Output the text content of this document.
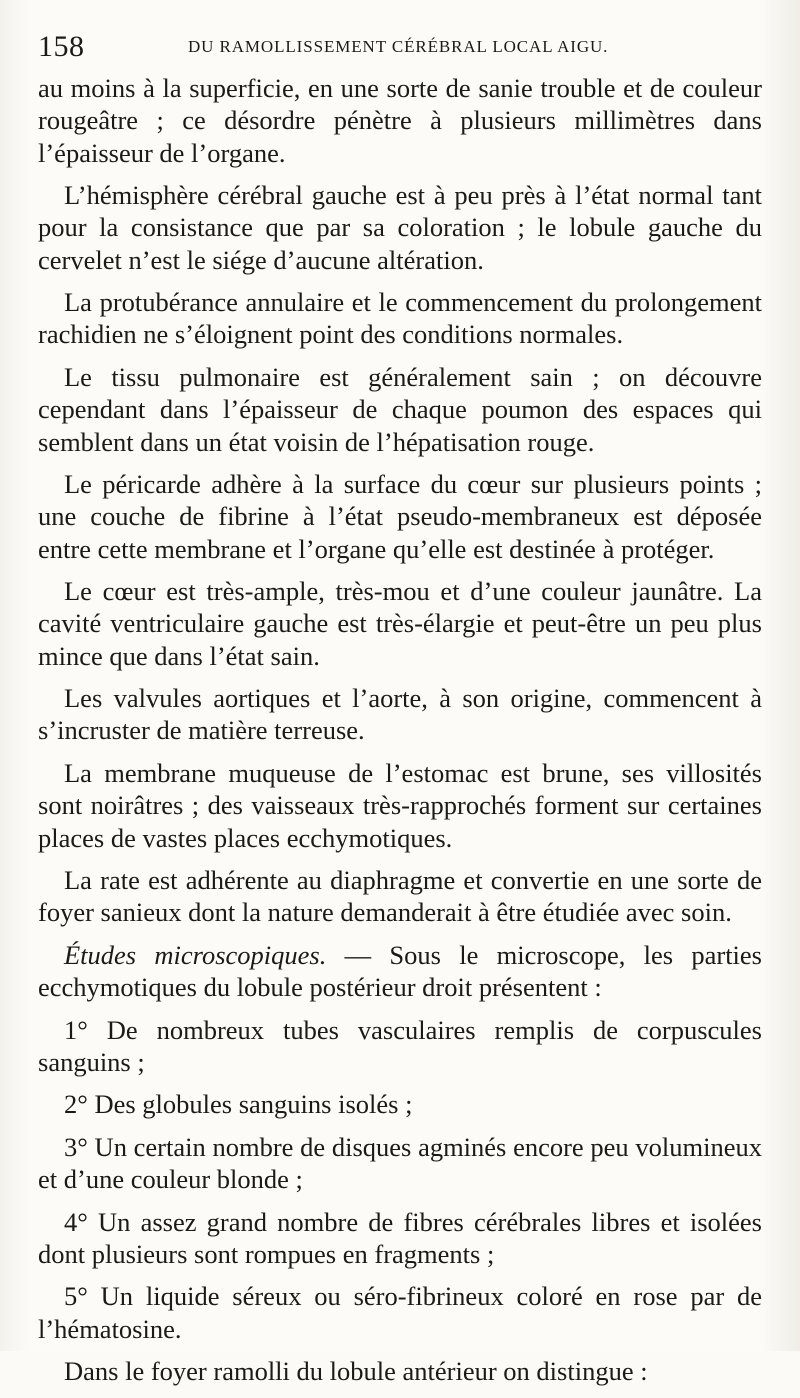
158	DU RAMOLLISSEMENT CÉRÉBRAL LOCAL AIGU.

au moins à la superficie, en une sorte de sanie trouble et de couleur rougeâtre ; ce désordre pénètre à plusieurs millimètres dans l’épaisseur de l’organe.

L’hémisphère cérébral gauche est à peu près à l’état normal tant pour la consistance que par sa coloration ; le lobule gauche du cervelet n’est le siége d’aucune altération.

La protubérance annulaire et le commencement du prolongement rachidien ne s’éloignent point des conditions normales.

Le tissu pulmonaire est généralement sain ; on découvre cependant dans l’épaisseur de chaque poumon des espaces qui semblent dans un état voisin de l’hépatisation rouge.

Le péricarde adhère à la surface du cœur sur plusieurs points ; une couche de fibrine à l’état pseudo-membraneux est déposée entre cette membrane et l’organe qu’elle est destinée à protéger.

Le cœur est très-ample, très-mou et d’une couleur jaunâtre. La cavité ventriculaire gauche est très-élargie et peut-être un peu plus mince que dans l’état sain.

Les valvules aortiques et l’aorte, à son origine, commencent à s’incruster de matière terreuse.

La membrane muqueuse de l’estomac est brune, ses villosités sont noirâtres ; des vaisseaux très-rapprochés forment sur certaines places de vastes places ecchymotiques.

La rate est adhérente au diaphragme et convertie en une sorte de foyer sanieux dont la nature demanderait à être étudiée avec soin.

Études microscopiques. — Sous le microscope, les parties ecchymotiques du lobule postérieur droit présentent :

1° De nombreux tubes vasculaires remplis de corpuscules sanguins ;

2° Des globules sanguins isolés ;

3° Un certain nombre de disques agminés encore peu volumineux et d’une couleur blonde ;

4° Un assez grand nombre de fibres cérébrales libres et isolées dont plusieurs sont rompues en fragments ;

5° Un liquide séreux ou séro-fibrineux coloré en rose par de l’hématosine.

Dans le foyer ramolli du lobule antérieur on distingue :
